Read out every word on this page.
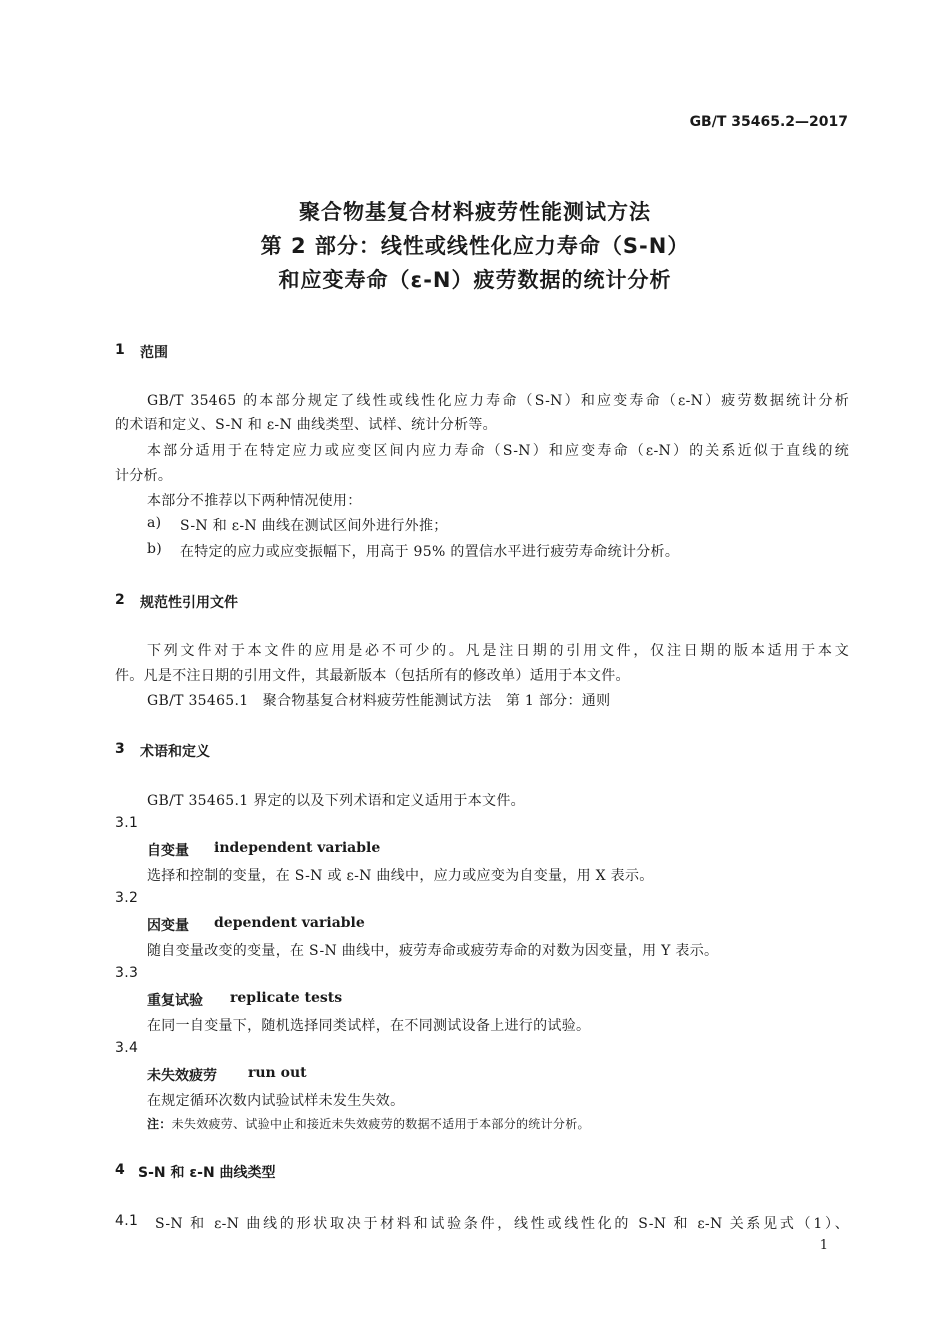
GB/T 35465.2—2017
聚合物基复合材料疲劳性能测试方法
第 2 部分：线性或线性化应力寿命（S-N）
和应变寿命（ε-N）疲劳数据的统计分析
1 范围
GB/T 35465 的本部分规定了线性或线性化应力寿命（S-N）和应变寿命（ε-N）疲劳数据统计分析
的术语和定义、S-N 和 ε-N 曲线类型、试样、统计分析等。
本部分适用于在特定应力或应变区间内应力寿命（S-N）和应变寿命（ε-N）的关系近似于直线的统
计分析。
本部分不推荐以下两种情况使用：
a) S-N 和 ε-N 曲线在测试区间外进行外推；
b) 在特定的应力或应变振幅下，用高于 95% 的置信水平进行疲劳寿命统计分析。
2 规范性引用文件
下列文件对于本文件的应用是必不可少的。凡是注日期的引用文件，仅注日期的版本适用于本文
件。凡是不注日期的引用文件，其最新版本（包括所有的修改单）适用于本文件。
GB/T 35465.1　聚合物基复合材料疲劳性能测试方法　第 1 部分：通则
3 术语和定义
GB/T 35465.1 界定的以及下列术语和定义适用于本文件。
3.1
自变量 independent variable
选择和控制的变量，在 S-N 或 ε-N 曲线中，应力或应变为自变量，用 X 表示。
3.2
因变量 dependent variable
随自变量改变的变量，在 S-N 曲线中，疲劳寿命或疲劳寿命的对数为因变量，用 Y 表示。
3.3
重复试验 replicate tests
在同一自变量下，随机选择同类试样，在不同测试设备上进行的试验。
3.4
未失效疲劳 run out
在规定循环次数内试验试样未发生失效。
注：未失效疲劳、试验中止和接近未失效疲劳的数据不适用于本部分的统计分析。
4 S-N 和 ε-N 曲线类型
4.1 S-N 和 ε-N 曲线的形状取决于材料和试验条件，线性或线性化的 S-N 和 ε-N 关系见式（1）、
1
